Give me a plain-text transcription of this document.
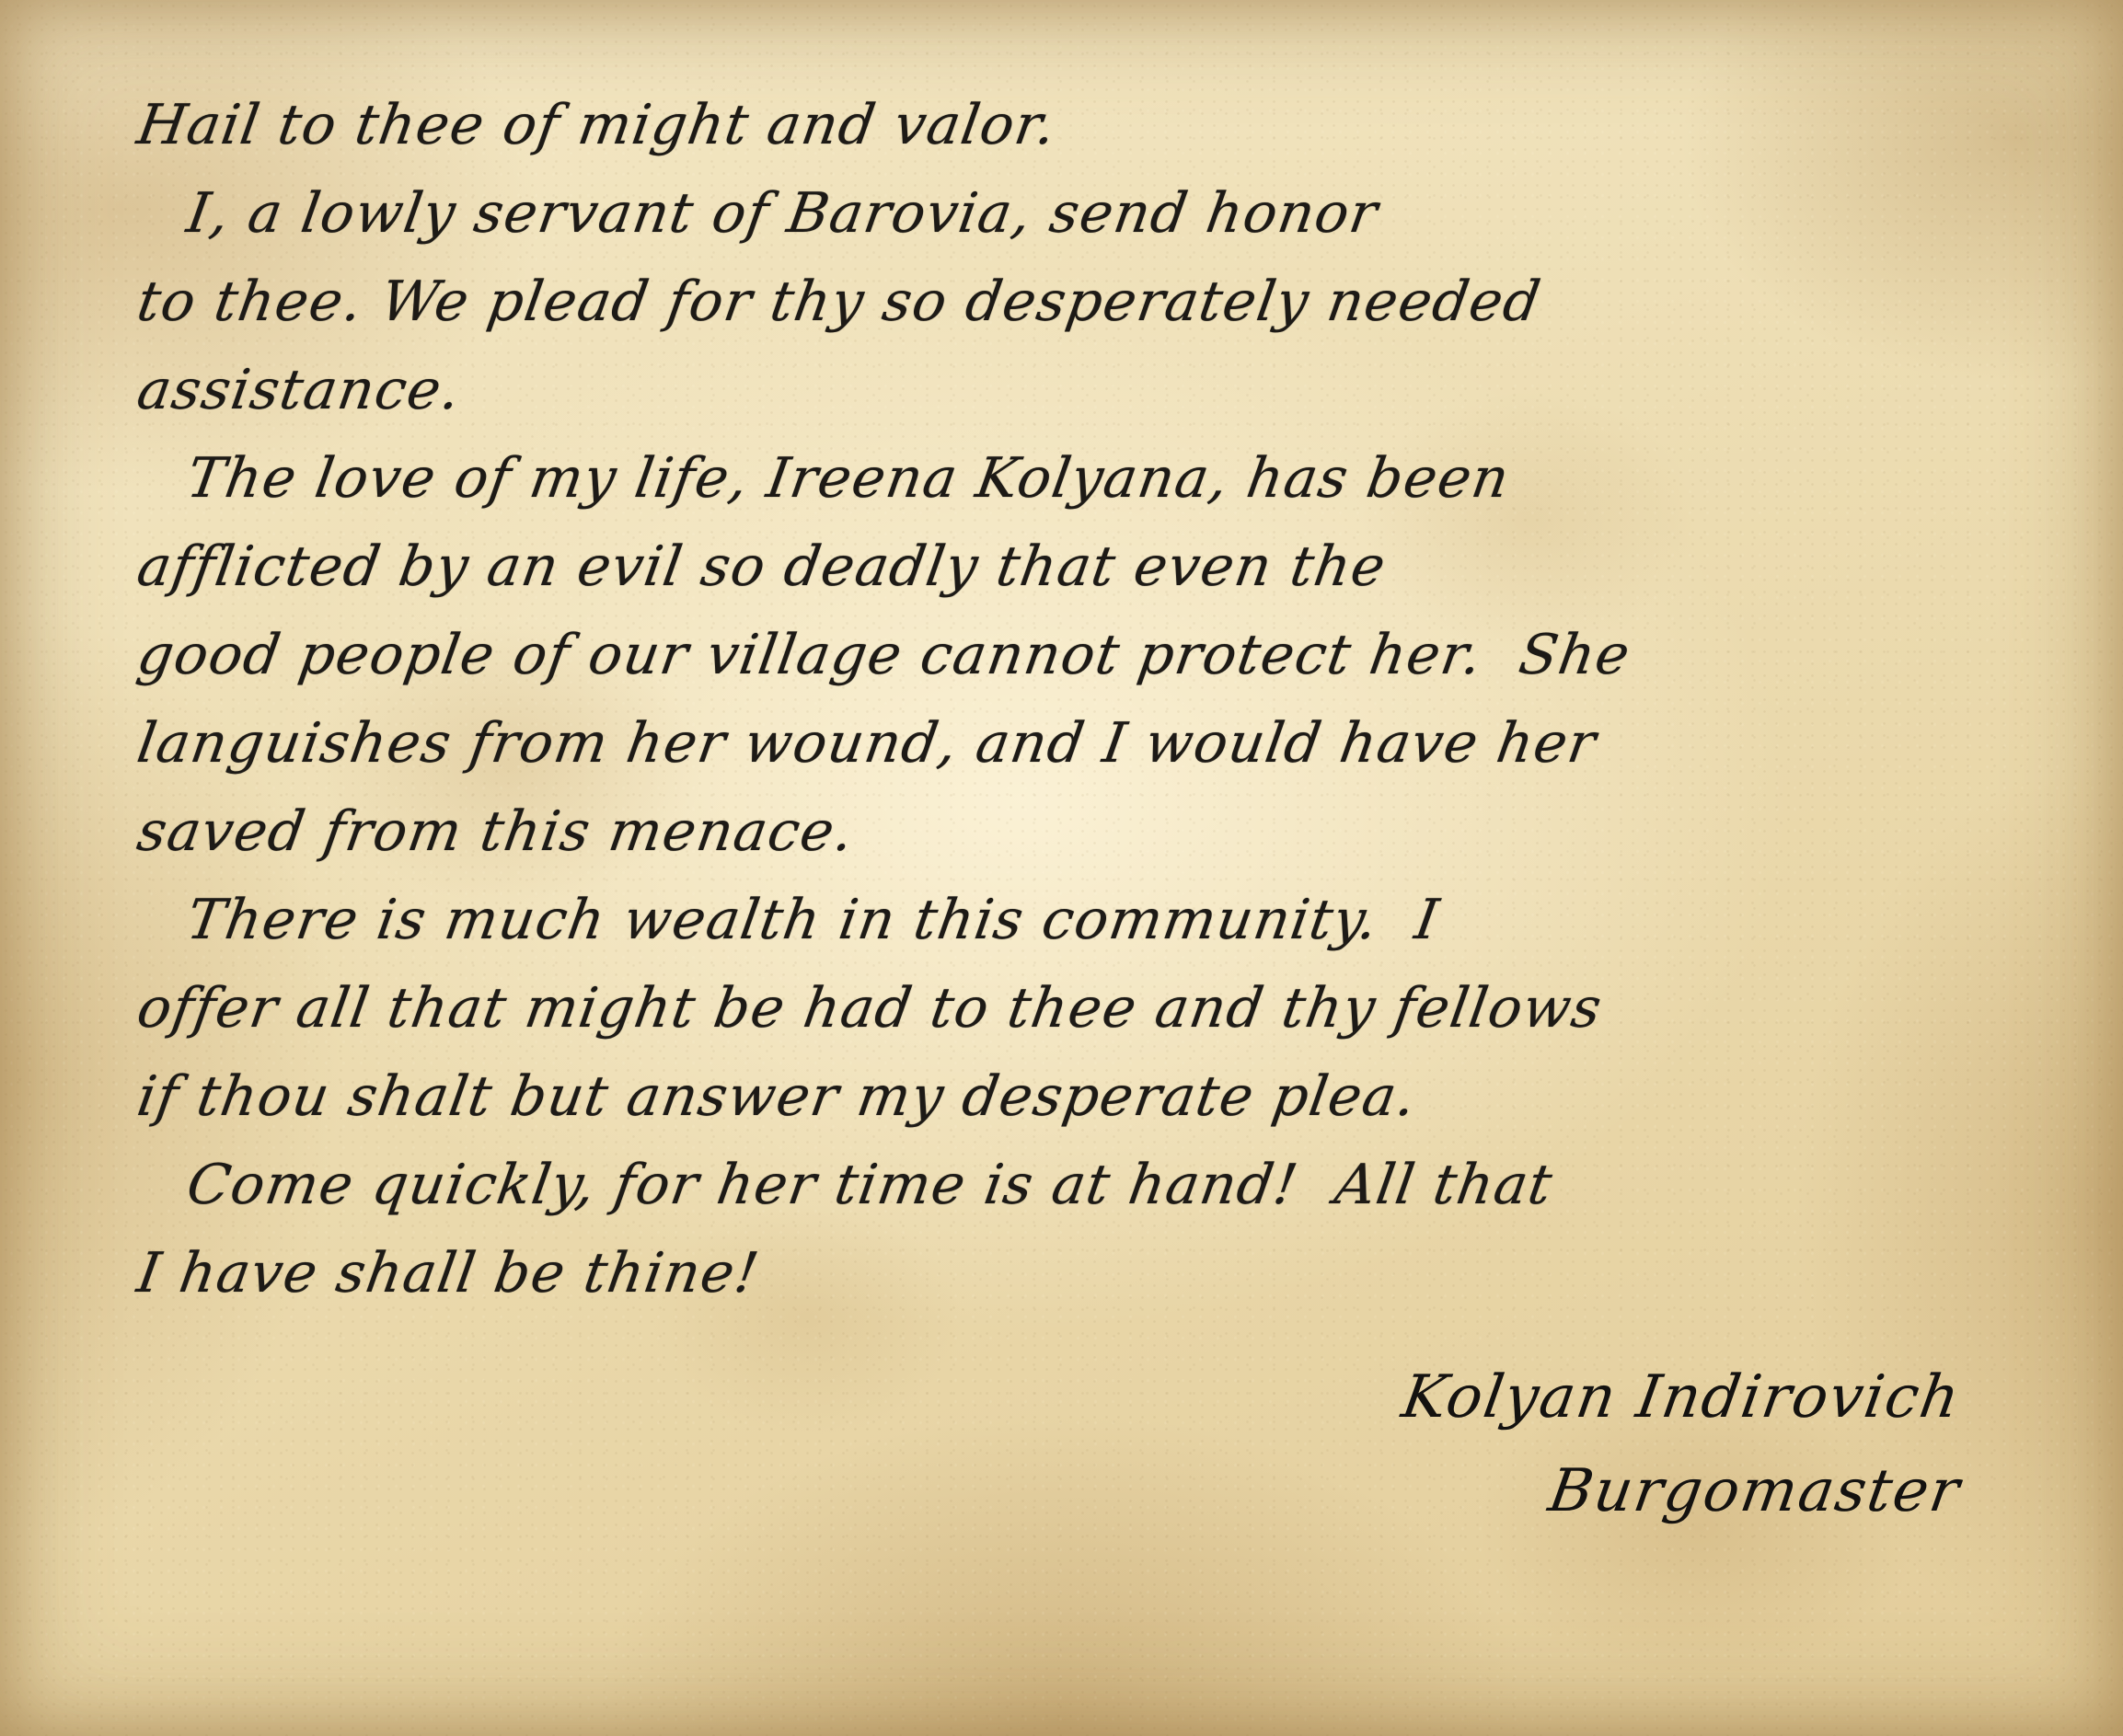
Hail to thee of might and valor.
I, a lowly servant of Barovia, send honor
to thee. We plead for thy so desperately needed
assistance.
The love of my life, Ireena Kolyana, has been
afflicted by an evil so deadly that even the
good people of our village cannot protect her.  She
languishes from her wound, and I would have her
saved from this menace.
There is much wealth in this community.  I
offer all that might be had to thee and thy fellows
if thou shalt but answer my desperate plea.
Come quickly, for her time is at hand!  All that
I have shall be thine!
Kolyan Indirovich
Burgomaster
